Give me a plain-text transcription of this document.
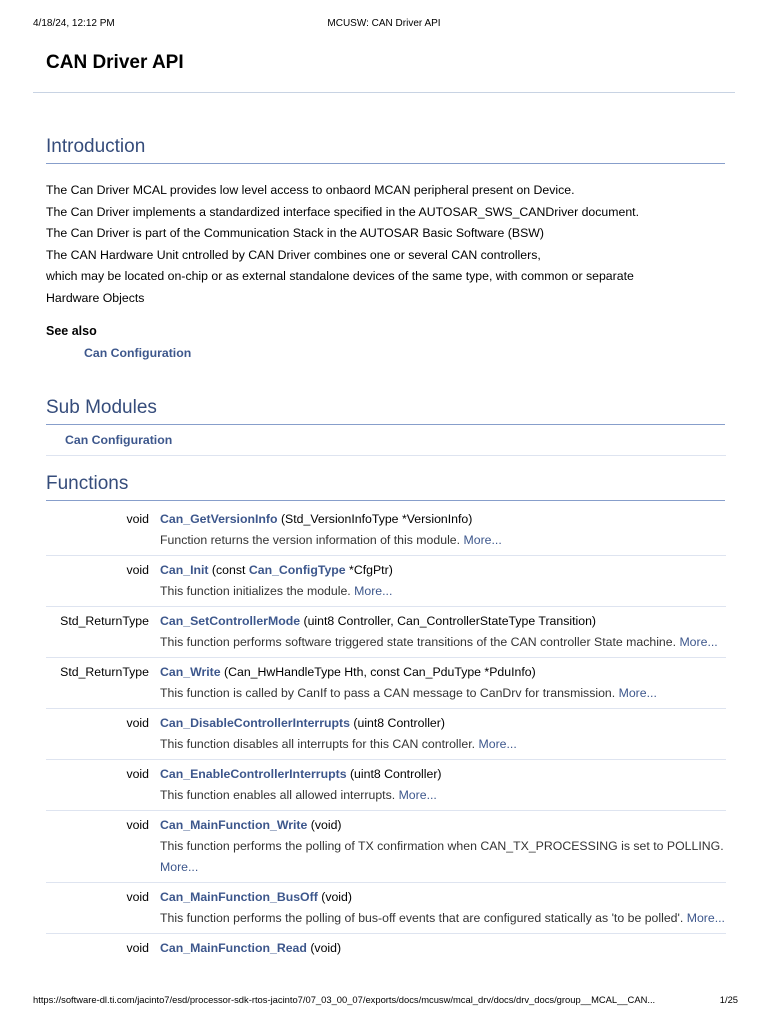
4/18/24, 12:12 PM	MCUSW: CAN Driver API
CAN Driver API
Introduction
The Can Driver MCAL provides low level access to onbaord MCAN peripheral present on Device.
The Can Driver implements a standardized interface specified in the AUTOSAR_SWS_CANDriver document.
The Can Driver is part of the Communication Stack in the AUTOSAR Basic Software (BSW)
The CAN Hardware Unit cntrolled by CAN Driver combines one or several CAN controllers,
which may be located on-chip or as external standalone devices of the same type, with common or separate
Hardware Objects
See also
Can Configuration
Sub Modules
Can Configuration
Functions
void Can_GetVersionInfo (Std_VersionInfoType *VersionInfo)
Function returns the version information of this module. More...
void Can_Init (const Can_ConfigType *CfgPtr)
This function initializes the module. More...
Std_ReturnType Can_SetControllerMode (uint8 Controller, Can_ControllerStateType Transition)
This function performs software triggered state transitions of the CAN controller State machine. More...
Std_ReturnType Can_Write (Can_HwHandleType Hth, const Can_PduType *PduInfo)
This function is called by CanIf to pass a CAN message to CanDrv for transmission. More...
void Can_DisableControllerInterrupts (uint8 Controller)
This function disables all interrupts for this CAN controller. More...
void Can_EnableControllerInterrupts (uint8 Controller)
This function enables all allowed interrupts. More...
void Can_MainFunction_Write (void)
This function performs the polling of TX confirmation when CAN_TX_PROCESSING is set to POLLING. More...
void Can_MainFunction_BusOff (void)
This function performs the polling of bus-off events that are configured statically as 'to be polled'. More...
void Can_MainFunction_Read (void)
https://software-dl.ti.com/jacinto7/esd/processor-sdk-rtos-jacinto7/07_03_00_07/exports/docs/mcusw/mcal_drv/docs/drv_docs/group__MCAL__CAN...	1/25
